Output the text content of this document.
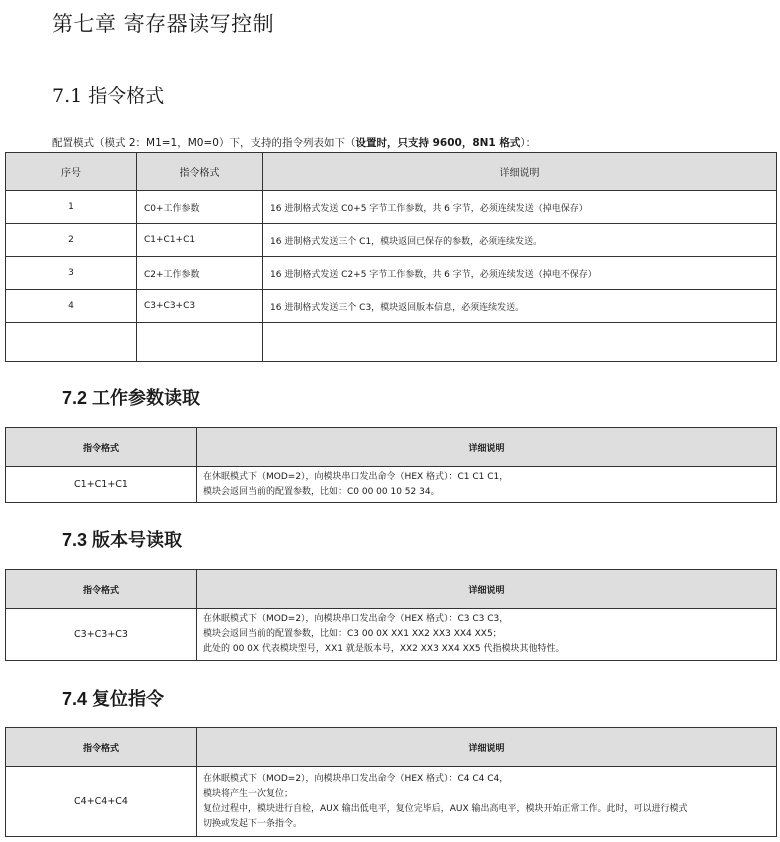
第七章 寄存器读写控制
7.1 指令格式
配置模式（模式 2：M1=1，M0=0）下，支持的指令列表如下（设置时，只支持 9600，8N1 格式）：
序号	指令格式	详细说明
1	C0+工作参数	16 进制格式发送 C0+5 字节工作参数，共 6 字节，必须连续发送（掉电保存）
2	C1+C1+C1	16 进制格式发送三个 C1，模块返回已保存的参数，必须连续发送。
3	C2+工作参数	16 进制格式发送 C2+5 字节工作参数，共 6 字节，必须连续发送（掉电不保存）
4	C3+C3+C3	16 进制格式发送三个 C3，模块返回版本信息，必须连续发送。

7.2 工作参数读取
指令格式	详细说明
C1+C1+C1	在休眠模式下（MOD=2），向模块串口发出命令（HEX 格式）：C1 C1 C1，
模块会返回当前的配置参数，比如：C0 00 00 10 52 34。
7.3 版本号读取
指令格式	详细说明
C3+C3+C3	在休眠模式下（MOD=2），向模块串口发出命令（HEX 格式）：C3 C3 C3，
模块会返回当前的配置参数，比如：C3 00 0X XX1 XX2 XX3 XX4 XX5；
此处的 00 0X 代表模块型号，XX1 就是版本号，XX2 XX3 XX4 XX5 代指模块其他特性。
7.4 复位指令
指令格式	详细说明
C4+C4+C4	在休眠模式下（MOD=2），向模块串口发出命令（HEX 格式）：C4 C4 C4，
模块将产生一次复位；
复位过程中，模块进行自检，AUX 输出低电平，复位完毕后，AUX 输出高电平，模块开始正常工作。此时，可以进行模式
切换或发起下一条指令。
